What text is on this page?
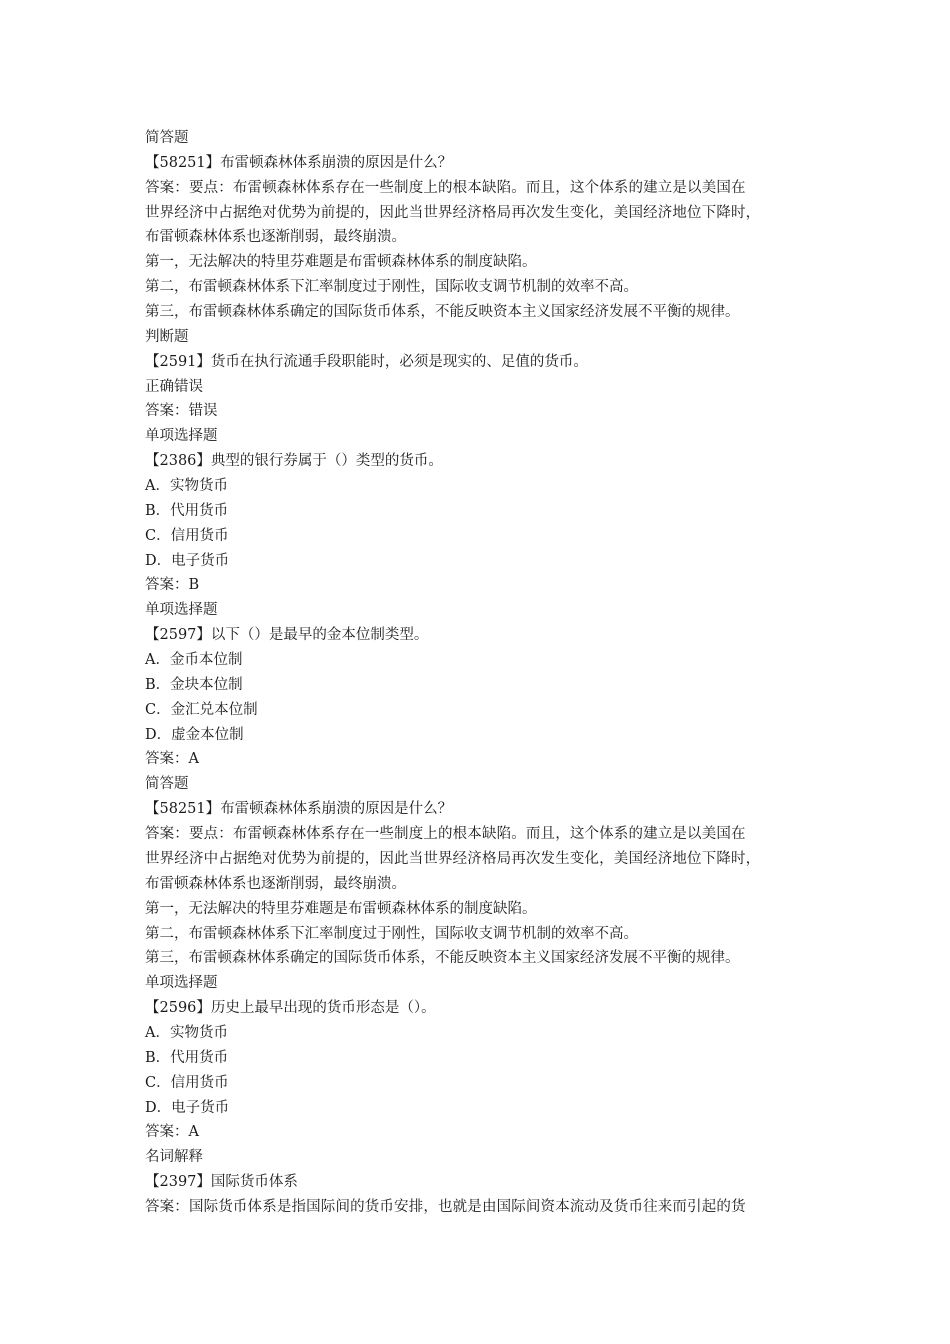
简答题
【58251】布雷顿森林体系崩溃的原因是什么？
答案：要点：布雷顿森林体系存在一些制度上的根本缺陷。而且，这个体系的建立是以美国在
世界经济中占据绝对优势为前提的，因此当世界经济格局再次发生变化，美国经济地位下降时，
布雷顿森林体系也逐渐削弱，最终崩溃。
第一，无法解决的特里芬难题是布雷顿森林体系的制度缺陷。
第二，布雷顿森林体系下汇率制度过于刚性，国际收支调节机制的效率不高。
第三，布雷顿森林体系确定的国际货币体系，不能反映资本主义国家经济发展不平衡的规律。
判断题
【2591】货币在执行流通手段职能时，必须是现实的、足值的货币。
正确错误
答案：错误
单项选择题
【2386】典型的银行券属于（）类型的货币。
A．实物货币
B．代用货币
C．信用货币
D．电子货币
答案：B
单项选择题
【2597】以下（）是最早的金本位制类型。
A．金币本位制
B．金块本位制
C．金汇兑本位制
D．虚金本位制
答案：A
简答题
【58251】布雷顿森林体系崩溃的原因是什么？
答案：要点：布雷顿森林体系存在一些制度上的根本缺陷。而且，这个体系的建立是以美国在
世界经济中占据绝对优势为前提的，因此当世界经济格局再次发生变化，美国经济地位下降时，
布雷顿森林体系也逐渐削弱，最终崩溃。
第一，无法解决的特里芬难题是布雷顿森林体系的制度缺陷。
第二，布雷顿森林体系下汇率制度过于刚性，国际收支调节机制的效率不高。
第三，布雷顿森林体系确定的国际货币体系，不能反映资本主义国家经济发展不平衡的规律。
单项选择题
【2596】历史上最早出现的货币形态是（）。
A．实物货币
B．代用货币
C．信用货币
D．电子货币
答案：A
名词解释
【2397】国际货币体系
答案：国际货币体系是指国际间的货币安排，也就是由国际间资本流动及货币往来而引起的货
